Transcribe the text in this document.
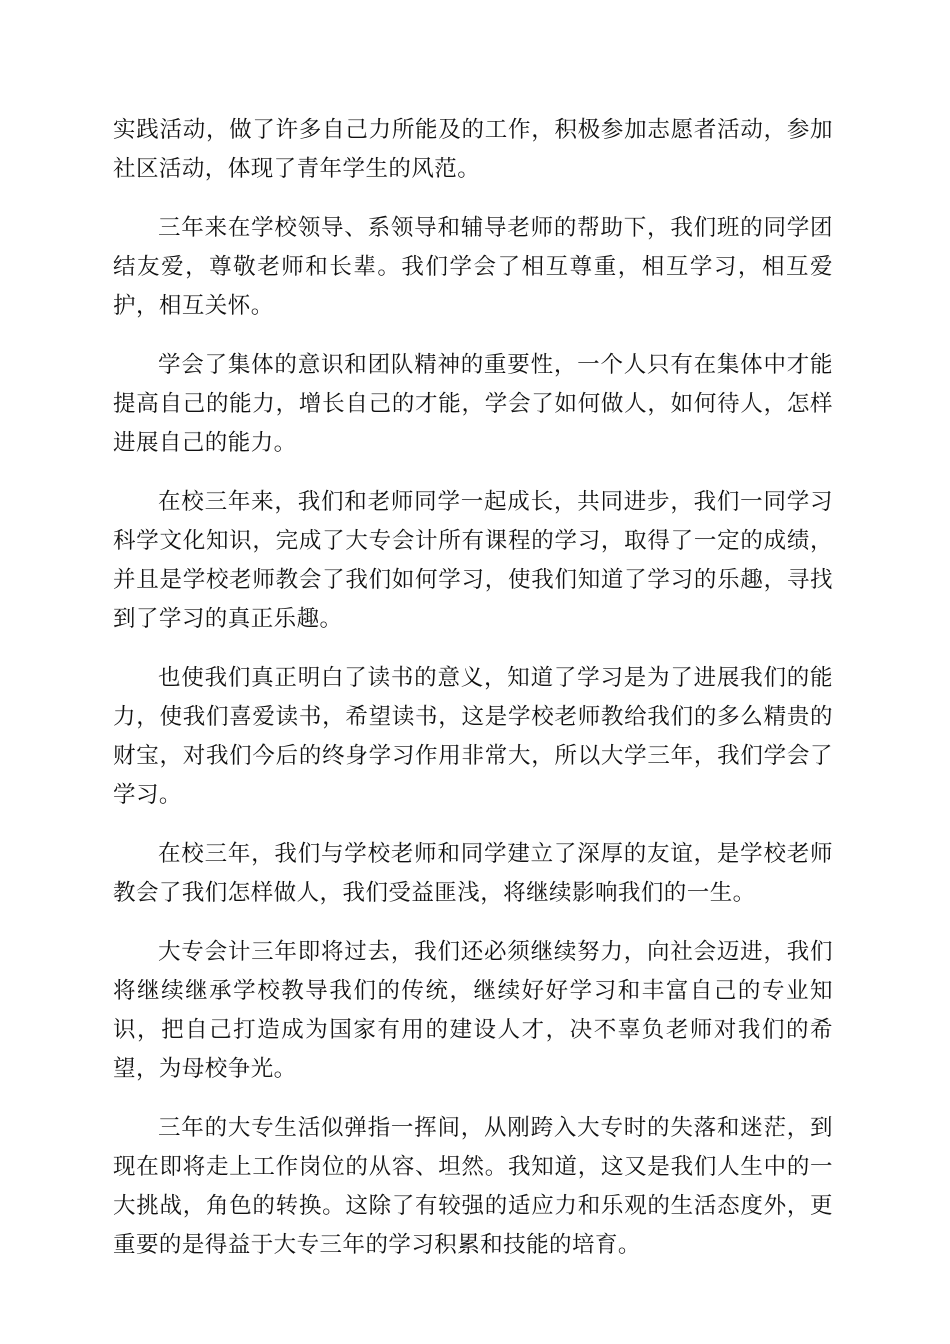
实践活动，做了许多自己力所能及的工作，积极参加志愿者活动，参加社区活动，体现了青年学生的风范。

三年来在学校领导、系领导和辅导老师的帮助下，我们班的同学团结友爱，尊敬老师和长辈。我们学会了相互尊重，相互学习，相互爱护，相互关怀。

学会了集体的意识和团队精神的重要性，一个人只有在集体中才能提高自己的能力，增长自己的才能，学会了如何做人，如何待人，怎样进展自己的能力。

在校三年来，我们和老师同学一起成长，共同进步，我们一同学习科学文化知识，完成了大专会计所有课程的学习，取得了一定的成绩，并且是学校老师教会了我们如何学习，使我们知道了学习的乐趣，寻找到了学习的真正乐趣。

也使我们真正明白了读书的意义，知道了学习是为了进展我们的能力，使我们喜爱读书，希望读书，这是学校老师教给我们的多么精贵的财宝，对我们今后的终身学习作用非常大，所以大学三年，我们学会了学习。

在校三年，我们与学校老师和同学建立了深厚的友谊，是学校老师教会了我们怎样做人，我们受益匪浅，将继续影响我们的一生。

大专会计三年即将过去，我们还必须继续努力，向社会迈进，我们将继续继承学校教导我们的传统，继续好好学习和丰富自己的专业知识，把自己打造成为国家有用的建设人才，决不辜负老师对我们的希望，为母校争光。

三年的大专生活似弹指一挥间，从刚跨入大专时的失落和迷茫，到现在即将走上工作岗位的从容、坦然。我知道，这又是我们人生中的一大挑战，角色的转换。这除了有较强的适应力和乐观的生活态度外，更重要的是得益于大专三年的学习积累和技能的培育。
